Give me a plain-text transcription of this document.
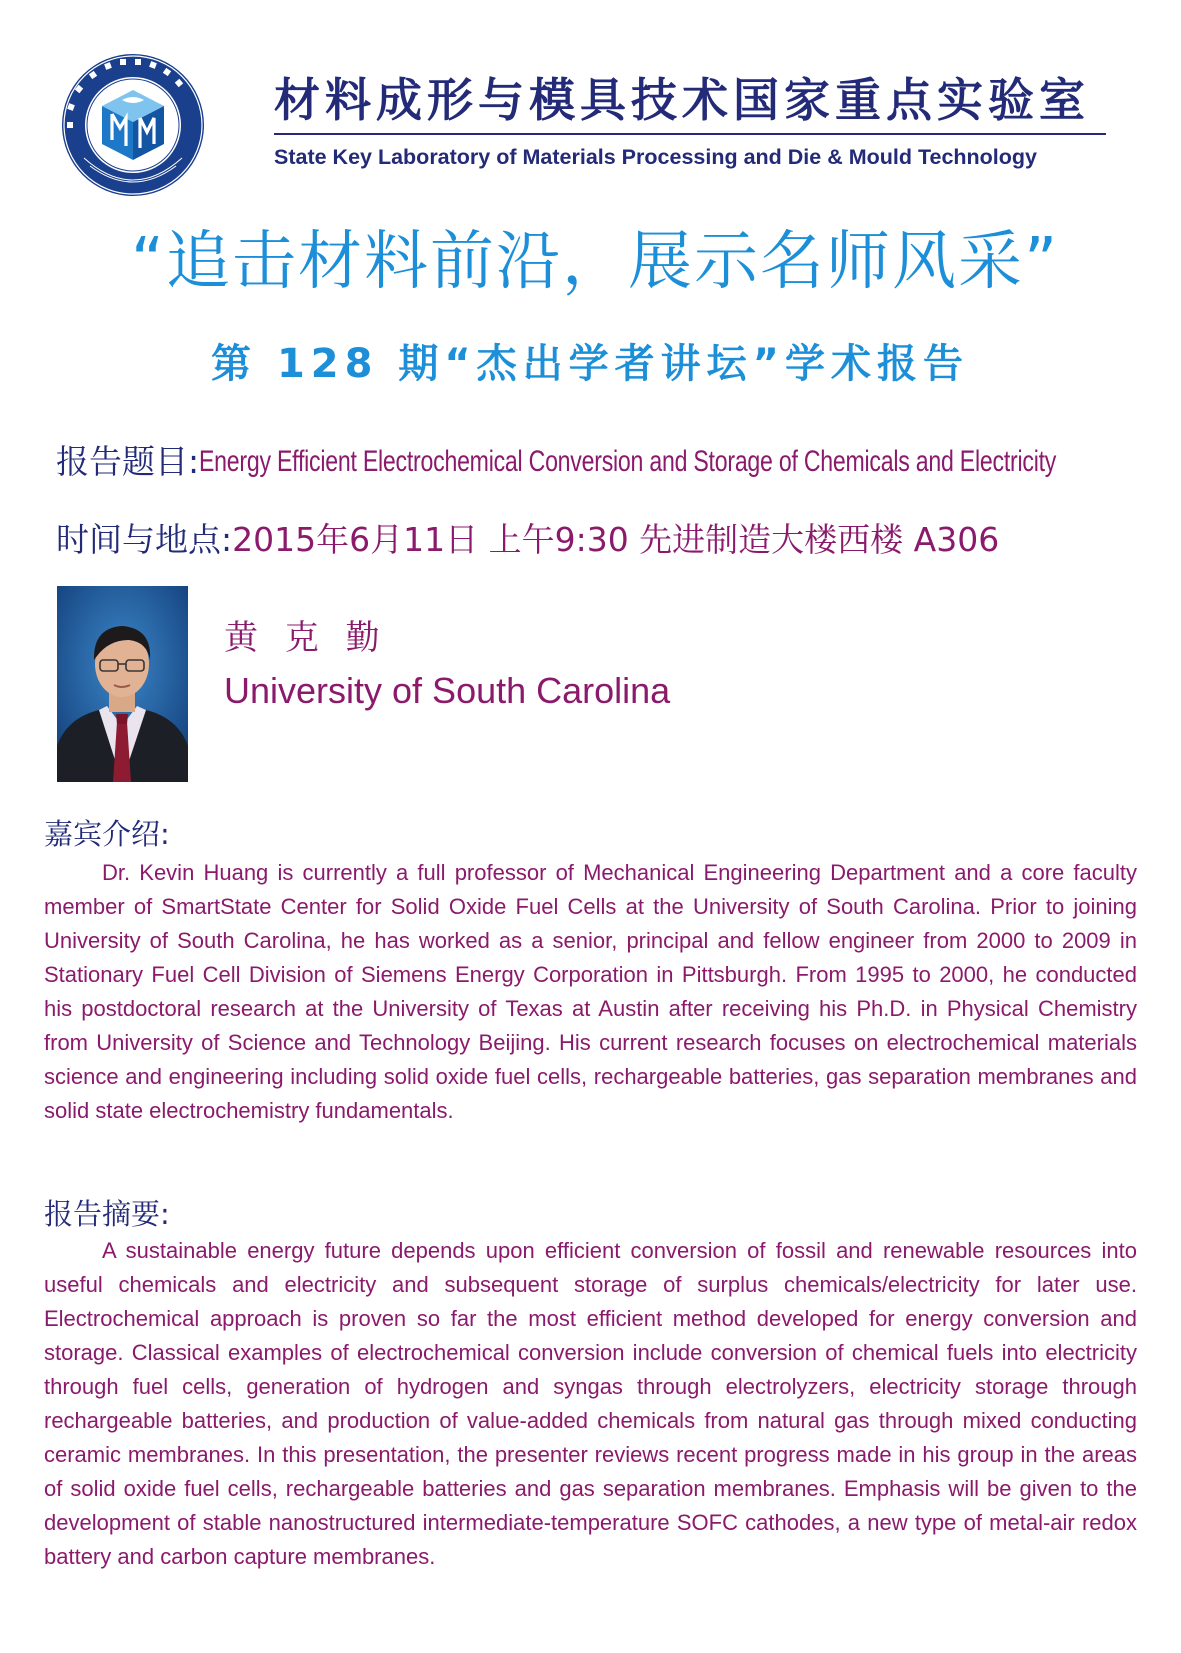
材料成形与模具技术国家重点实验室
State Key Laboratory of Materials Processing and Die & Mould Technology
“追击材料前沿，展示名师风采”
第 128 期“杰出学者讲坛”学术报告
报告题目:Energy Efficient Electrochemical Conversion and Storage of Chemicals and Electricity
时间与地点:2015年6月11日 上午9:30 先进制造大楼西楼 A306
黄 克 勤
University of South Carolina
嘉宾介绍:

Dr. Kevin Huang is currently a full professor of Mechanical Engineering Department and a core faculty member of SmartState Center for Solid Oxide Fuel Cells at the University of South Carolina. Prior to joining University of South Carolina, he has worked as a senior, principal and fellow engineer from 2000 to 2009 in Stationary Fuel Cell Division of Siemens Energy Corporation in Pittsburgh. From 1995 to 2000, he conducted his postdoctoral research at the University of Texas at Austin after receiving his Ph.D. in Physical Chemistry from University of Science and Technology Beijing. His current research focuses on electrochemical materials science and engineering including solid oxide fuel cells, rechargeable batteries, gas separation membranes and solid state electrochemistry fundamentals.

报告摘要:

A sustainable energy future depends upon efficient conversion of fossil and renewable resources into useful chemicals and electricity and subsequent storage of surplus chemicals/electricity for later use. Electrochemical approach is proven so far the most efficient method developed for energy conversion and storage. Classical examples of electrochemical conversion include conversion of chemical fuels into electricity through fuel cells, generation of hydrogen and syngas through electrolyzers, electricity storage through rechargeable batteries, and production of value-added chemicals from natural gas through mixed conducting ceramic membranes. In this presentation, the presenter reviews recent progress made in his group in the areas of solid oxide fuel cells, rechargeable batteries and gas separation membranes. Emphasis will be given to the development of stable nanostructured intermediate-temperature SOFC cathodes, a new type of metal-air redox battery and carbon capture membranes.
